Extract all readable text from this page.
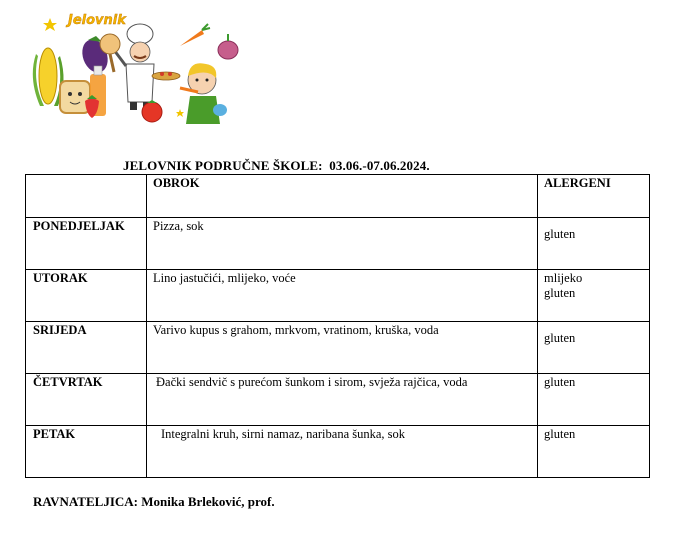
Jelovnik
JELOVNIK PODRUČNE ŠKOLE:  03.06.-07.06.2024.
	OBROK	ALERGENI
PONEDJELJAK	Pizza, sok	gluten

UTORAK	Lino jastučići, mlijeko, voće	mlijeko
gluten
SRIJEDA	Varivo kupus s grahom, mrkvom, vratinom, kruška, voda	gluten

ČETVRTAK	Đački sendvič s purećom šunkom i sirom, svježa rajčica, voda	gluten
PETAK	Integralni kruh, sirni namaz, naribana šunka, sok	gluten
RAVNATELJICA: Monika Brleković, prof.
